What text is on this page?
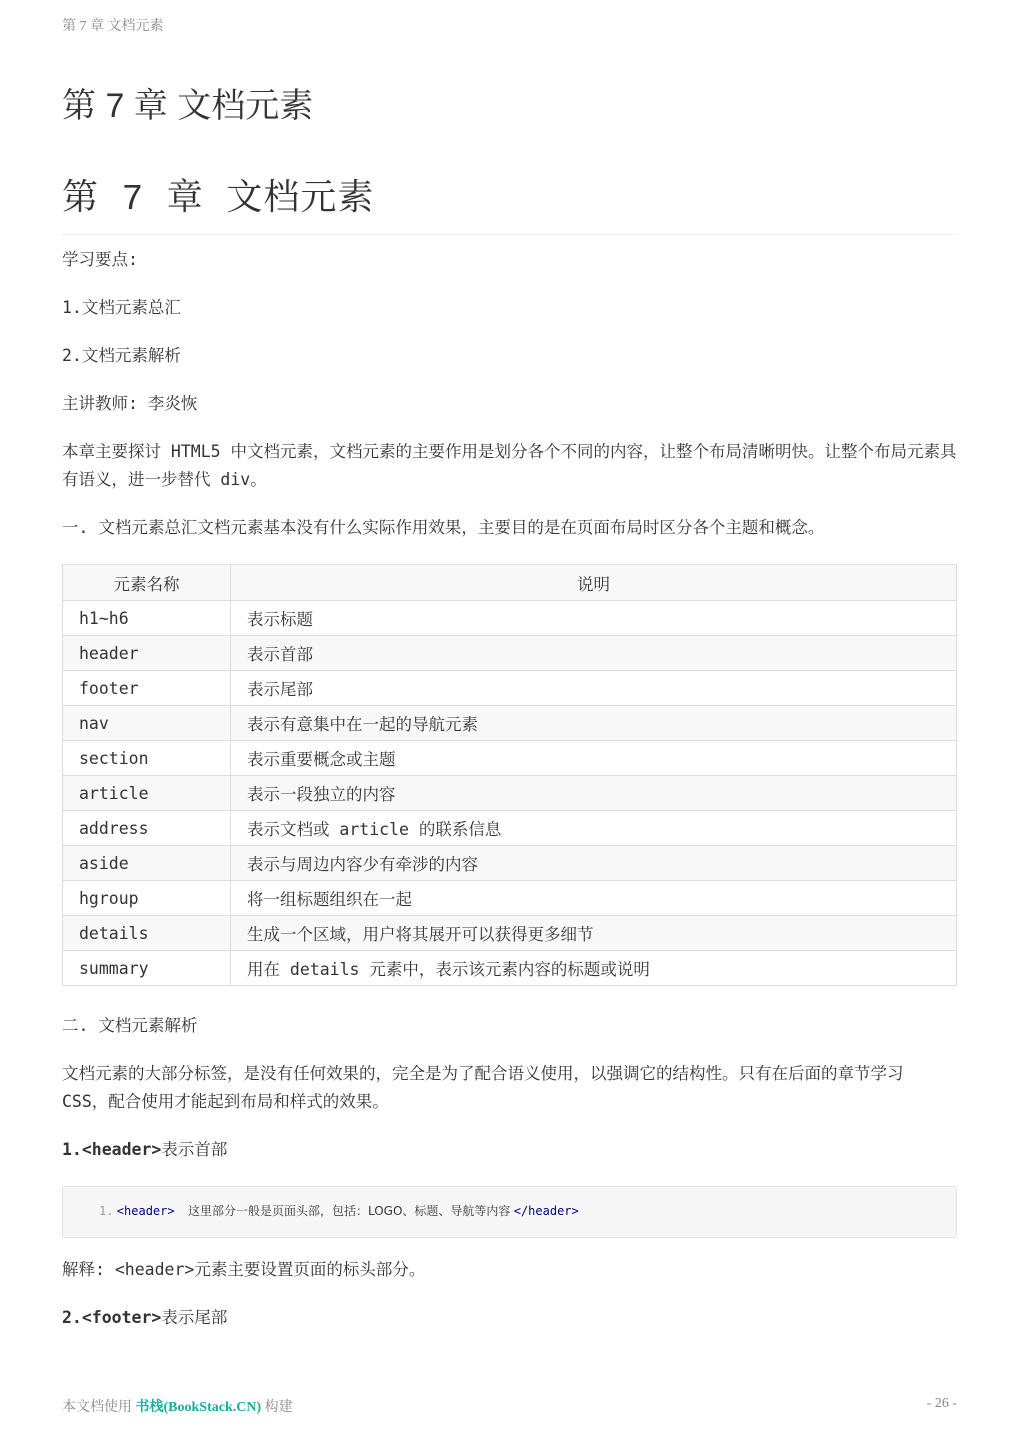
第 7 章 文档元素
第 7 章 文档元素
第 7 章 文档元素

学习要点:

1.文档元素总汇

2.文档元素解析

主讲教师: 李炎恢

本章主要探讨 HTML5 中文档元素，文档元素的主要作用是划分各个不同的内容，让整个布局清晰明快。让整个布局元素具有语义，进一步替代 div。

一. 文档元素总汇文档元素基本没有什么实际作用效果，主要目的是在页面布局时区分各个主题和概念。

元素名称	说明
h1~h6	表示标题
header	表示首部
footer	表示尾部
nav	表示有意集中在一起的导航元素
section	表示重要概念或主题
article	表示一段独立的内容
address	表示文档或 article 的联系信息
aside	表示与周边内容少有牵涉的内容
hgroup	将一组标题组织在一起
details	生成一个区域，用户将其展开可以获得更多细节
summary	用在 details 元素中，表示该元素内容的标题或说明

二. 文档元素解析

文档元素的大部分标签，是没有任何效果的，完全是为了配合语义使用，以强调它的结构性。只有在后面的章节学习 CSS，配合使用才能起到布局和样式的效果。

1.<header>表示首部

1. <header> 这里部分一般是页面头部，包括：LOGO、标题、导航等内容 </header>

解释: <header>元素主要设置页面的标头部分。

2.<footer>表示尾部

本文档使用 书栈(BookStack.CN) 构建	- 26 -
